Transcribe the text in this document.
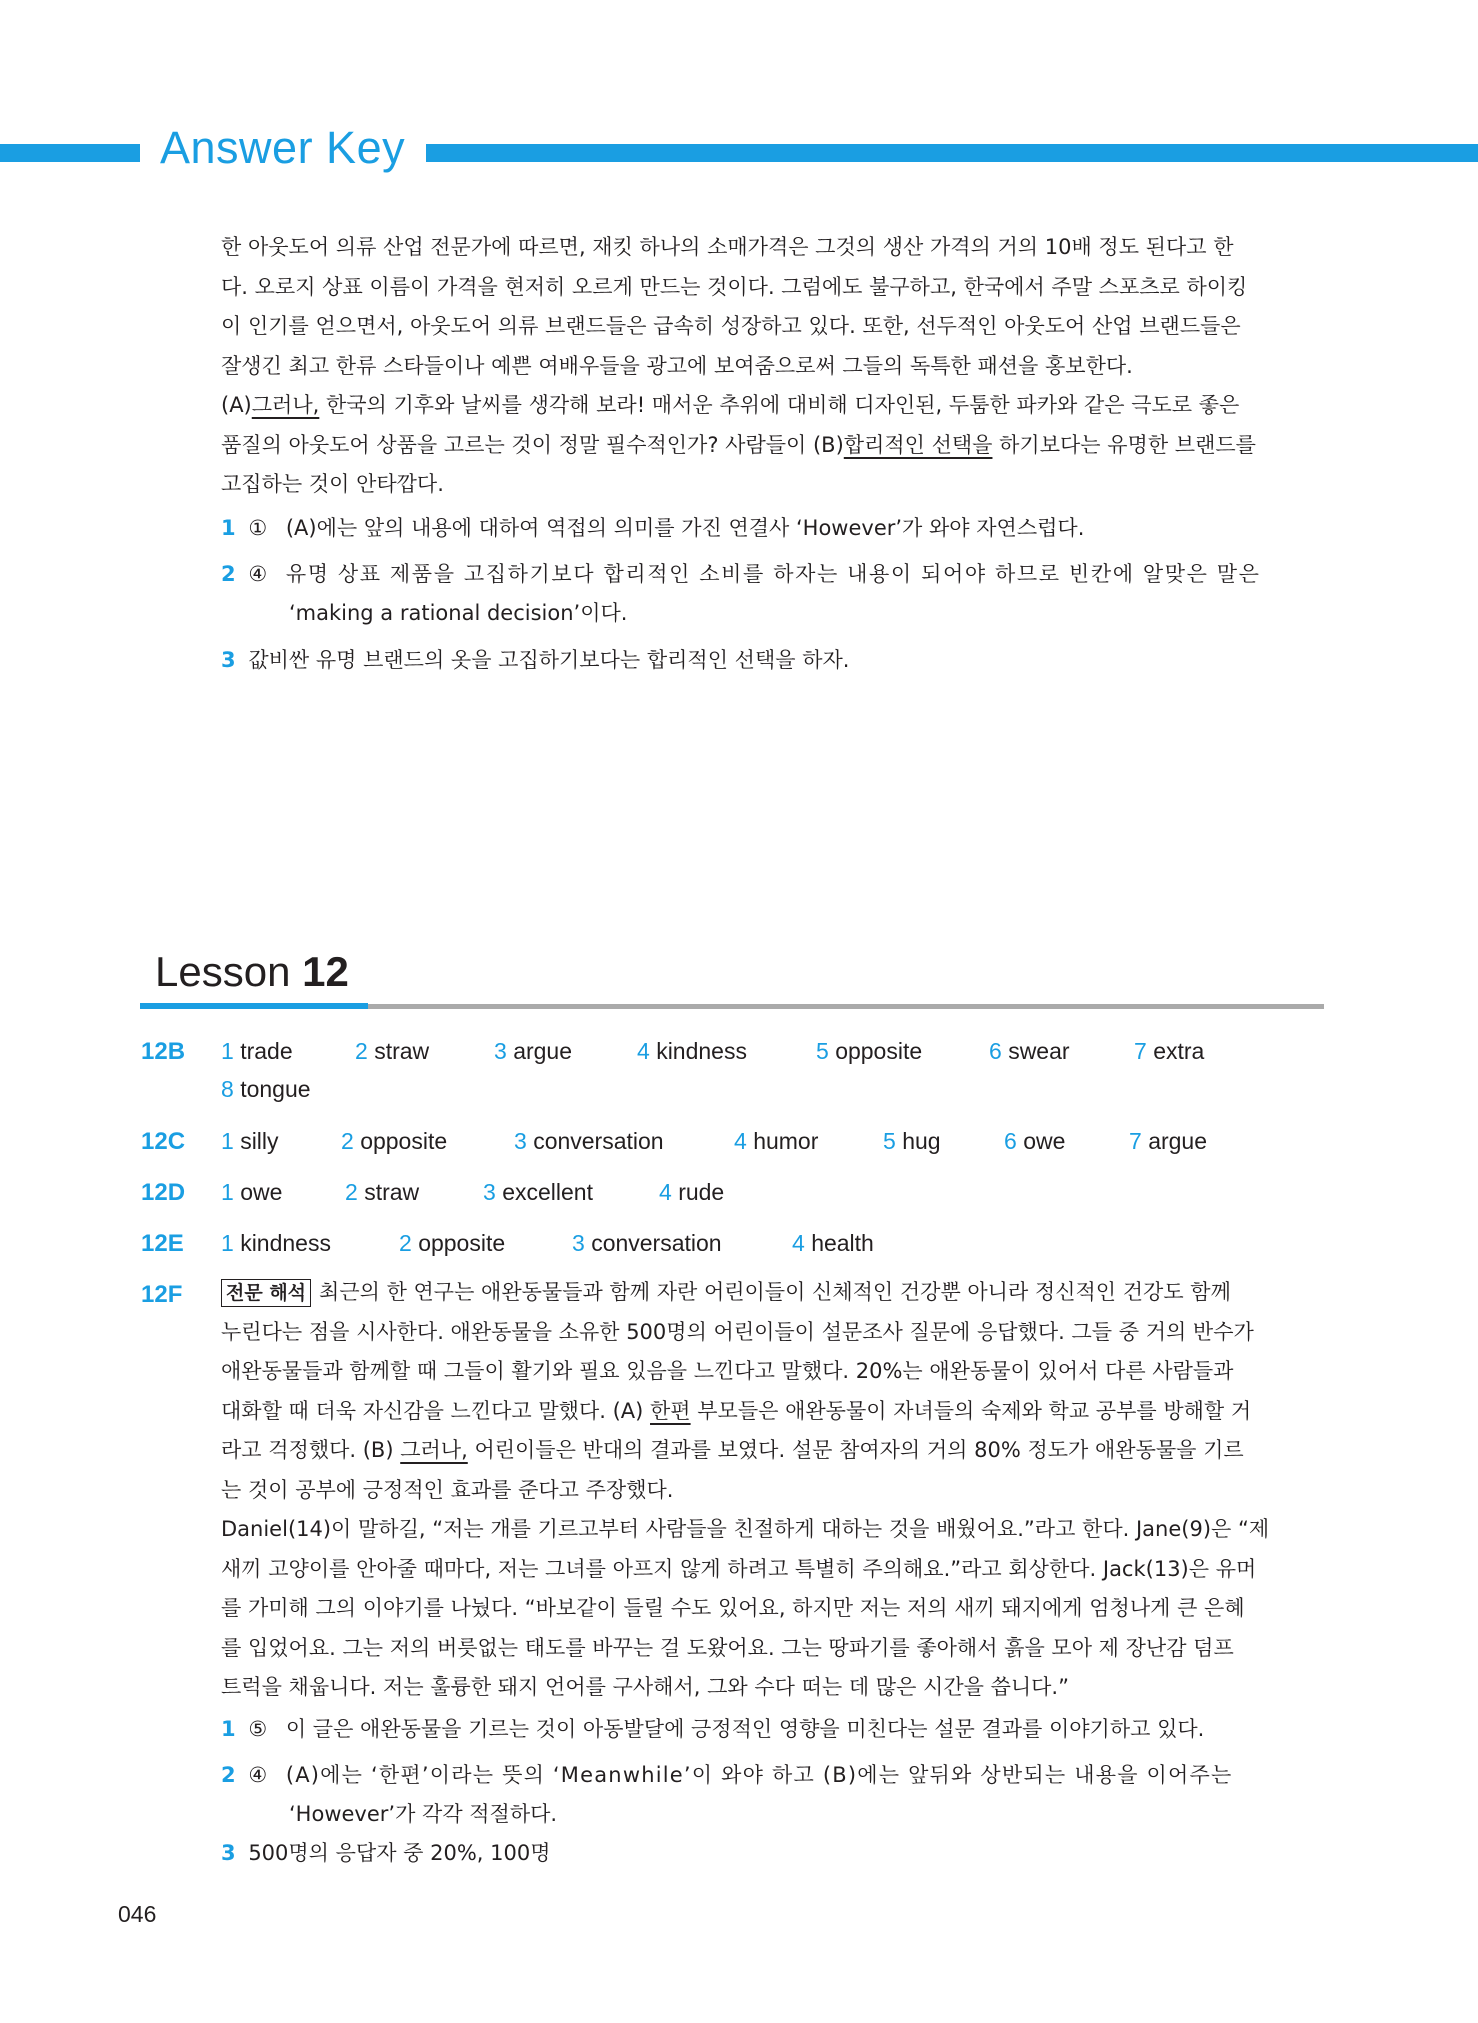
Answer Key
한 아웃도어 의류 산업 전문가에 따르면, 재킷 하나의 소매가격은 그것의 생산 가격의 거의 10배 정도 된다고 한
다. 오로지 상표 이름이 가격을 현저히 오르게 만드는 것이다. 그럼에도 불구하고, 한국에서 주말 스포츠로 하이킹
이 인기를 얻으면서, 아웃도어 의류 브랜드들은 급속히 성장하고 있다. 또한, 선두적인 아웃도어 산업 브랜드들은
잘생긴 최고 한류 스타들이나 예쁜 여배우들을 광고에 보여줌으로써 그들의 독특한 패션을 홍보한다.
(A)그러나, 한국의 기후와 날씨를 생각해 보라! 매서운 추위에 대비해 디자인된, 두툼한 파카와 같은 극도로 좋은
품질의 아웃도어 상품을 고르는 것이 정말 필수적인가? 사람들이 (B)합리적인 선택을 하기보다는 유명한 브랜드를
고집하는 것이 안타깝다.
1 ① (A)에는 앞의 내용에 대하여 역접의 의미를 가진 연결사 ‘However’가 와야 자연스럽다.
2 ④ 유명 상표 제품을 고집하기보다 합리적인 소비를 하자는 내용이 되어야 하므로 빈칸에 알맞은 말은
‘making a rational decision’이다.
3 값비싼 유명 브랜드의 옷을 고집하기보다는 합리적인 선택을 하자.
Lesson 12
12B 1 trade	2 straw	3 argue	4 kindness	5 opposite	6 swear	7 extra
8 tongue
12C 1 silly	2 opposite	3 conversation	4 humor	5 hug	6 owe	7 argue
12D 1 owe	2 straw	3 excellent	4 rude
12E 1 kindness	2 opposite	3 conversation	4 health
12F 전문 해석 최근의 한 연구는 애완동물들과 함께 자란 어린이들이 신체적인 건강뿐 아니라 정신적인 건강도 함께
누린다는 점을 시사한다. 애완동물을 소유한 500명의 어린이들이 설문조사 질문에 응답했다. 그들 중 거의 반수가
애완동물들과 함께할 때 그들이 활기와 필요 있음을 느낀다고 말했다. 20%는 애완동물이 있어서 다른 사람들과
대화할 때 더욱 자신감을 느낀다고 말했다. (A) 한편 부모들은 애완동물이 자녀들의 숙제와 학교 공부를 방해할 거
라고 걱정했다. (B) 그러나, 어린이들은 반대의 결과를 보였다. 설문 참여자의 거의 80% 정도가 애완동물을 기르
는 것이 공부에 긍정적인 효과를 준다고 주장했다.
Daniel(14)이 말하길, “저는 개를 기르고부터 사람들을 친절하게 대하는 것을 배웠어요.”라고 한다. Jane(9)은 “제
새끼 고양이를 안아줄 때마다, 저는 그녀를 아프지 않게 하려고 특별히 주의해요.”라고 회상한다. Jack(13)은 유머
를 가미해 그의 이야기를 나눴다. “바보같이 들릴 수도 있어요, 하지만 저는 저의 새끼 돼지에게 엄청나게 큰 은혜
를 입었어요. 그는 저의 버릇없는 태도를 바꾸는 걸 도왔어요. 그는 땅파기를 좋아해서 흙을 모아 제 장난감 덤프
트럭을 채웁니다. 저는 훌륭한 돼지 언어를 구사해서, 그와 수다 떠는 데 많은 시간을 씁니다.”
1 ⑤ 이 글은 애완동물을 기르는 것이 아동발달에 긍정적인 영향을 미친다는 설문 결과를 이야기하고 있다.
2 ④ (A)에는 ‘한편’이라는 뜻의 ‘Meanwhile’이 와야 하고 (B)에는 앞뒤와 상반되는 내용을 이어주는
‘However’가 각각 적절하다.
3 500명의 응답자 중 20%, 100명
046
